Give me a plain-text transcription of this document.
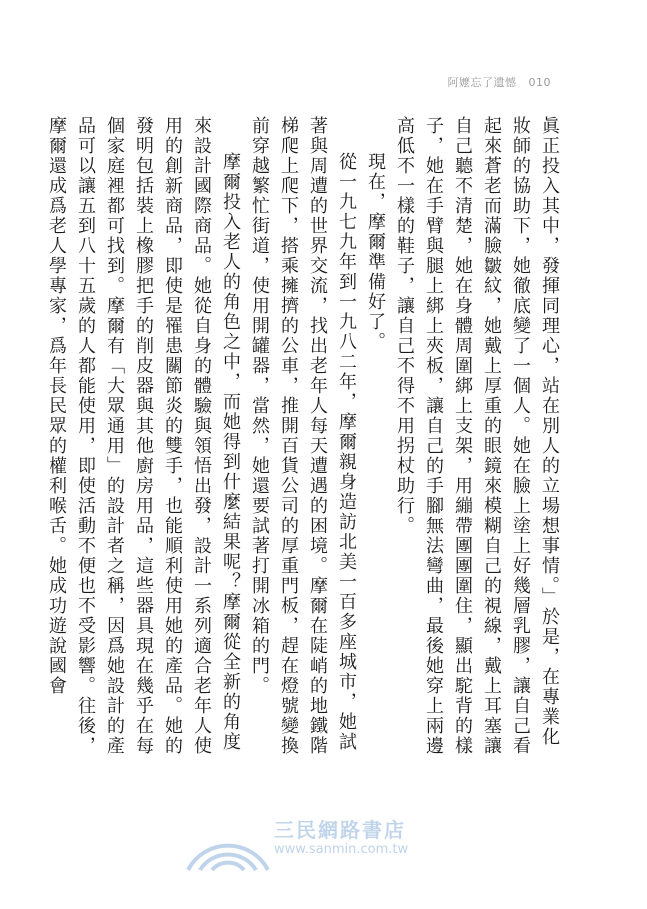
阿嬤忘了遺憾 010

眞正投入其中，發揮同理心，站在別人的立場想事情。」於是，在專業化妝師的協助下，她徹底變了一個人。她在臉上塗上好幾層乳膠，讓自己看起來蒼老而滿臉皺紋，她戴上厚重的眼鏡來模糊自己的視線，戴上耳塞讓自己聽不清楚，她在身體周圍綁上支架，用繃帶團團圍住，顯出駝背的樣子，她在手臂與腿上綁上夾板，讓自己的手腳無法彎曲，最後她穿上兩邊高低不一樣的鞋子，讓自己不得不用拐杖助行。

現在，摩爾準備好了。

從一九七九年到一九八二年，摩爾親身造訪北美一百多座城市，她試著與周遭的世界交流，找出老年人每天遭遇的困境。摩爾在陡峭的地鐵階梯爬上爬下，搭乘擁擠的公車，推開百貨公司的厚重門板，趕在燈號變換前穿越繁忙街道，使用開罐器，當然，她還要試著打開冰箱的門。

摩爾投入老人的角色之中，而她得到什麼結果呢？摩爾從全新的角度來設計國際商品。她從自身的體驗與領悟出發，設計一系列適合老年人使用的創新商品，即使是罹患關節炎的雙手，也能順利使用她的產品。她的發明包括裝上橡膠把手的削皮器與其他廚房用品，這些器具現在幾乎在每個家庭裡都可找到。摩爾有「大眾通用」的設計者之稱，因爲她設計的產品可以讓五到八十五歲的人都能使用，即使活動不便也不受影響。往後，摩爾還成爲老人學專家，爲年長民眾的權利喉舌。她成功遊說國會

三民網路書店
www.sanmin.com.tw
